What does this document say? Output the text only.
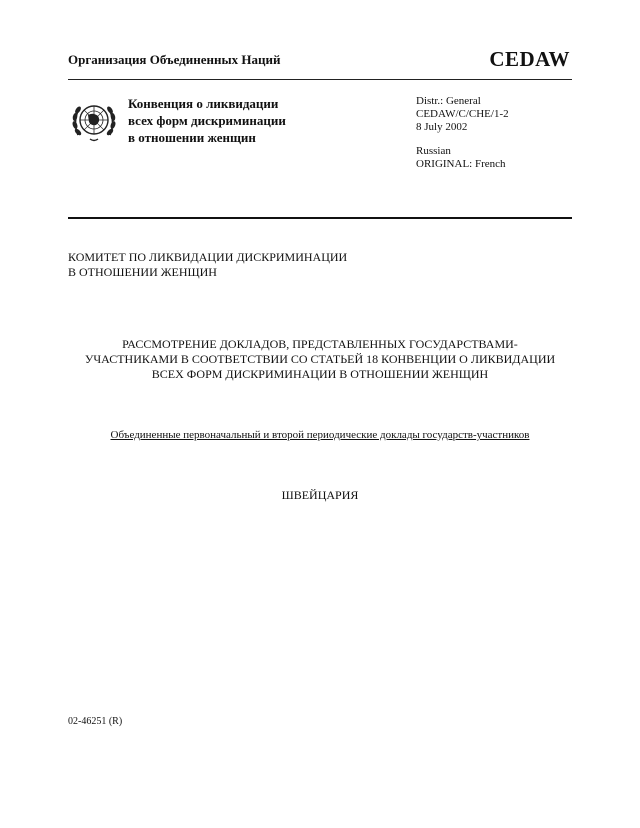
Организация Объединенных Наций	CEDAW
Конвенция о ликвидации
всех форм дискриминации
в отношении женщин
Distr.: General
CEDAW/C/CHE/1-2
8 July 2002
Russian
ORIGINAL: French
КОМИТЕТ ПО ЛИКВИДАЦИИ ДИСКРИМИНАЦИИ
В ОТНОШЕНИИ ЖЕНЩИН
РАССМОТРЕНИЕ ДОКЛАДОВ, ПРЕДСТАВЛЕННЫХ ГОСУДАРСТВАМИ-
УЧАСТНИКАМИ В СООТВЕТСТВИИ СО СТАТЬЕЙ 18 КОНВЕНЦИИ О ЛИКВИДАЦИИ
ВСЕХ ФОРМ ДИСКРИМИНАЦИИ В ОТНОШЕНИИ ЖЕНЩИН
Объединенные первоначальный и второй периодические доклады государств-участников
ШВЕЙЦАРИЯ
02-46251 (R)
